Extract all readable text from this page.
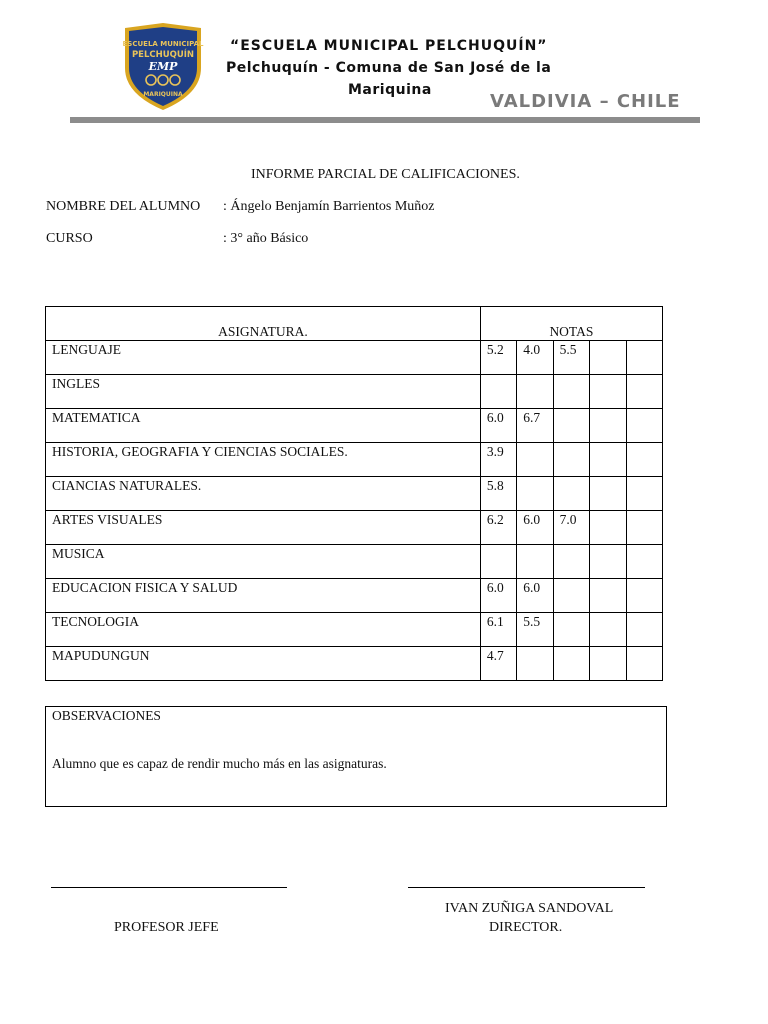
ESCUELA MUNICIPAL
PELCHUQUÍN
EMP
MARIQUINA
“ESCUELA MUNICIPAL PELCHUQUÍN”
Pelchuquín - Comuna de San José de la
Mariquina
VALDIVIA – CHILE
INFORME PARCIAL DE CALIFICACIONES.
NOMBRE DEL ALUMNO : Ángelo Benjamín Barrientos Muñoz
CURSO	: 3° año Básico
ASIGNATURA.	NOTAS				
LENGUAJE	5.2	4.0	5.5		
INGLES					
MATEMATICA	6.0	6.7			
HISTORIA, GEOGRAFIA Y CIENCIAS SOCIALES.	3.9				
CIANCIAS NATURALES.	5.8				
ARTES VISUALES	6.2	6.0	7.0		
MUSICA					
EDUCACION FISICA Y SALUD	6.0	6.0			
TECNOLOGIA	6.1	5.5			
MAPUDUNGUN	4.7				
OBSERVACIONES
Alumno que es capaz de rendir mucho más en las asignaturas.
PROFESOR JEFE
IVAN ZUÑIGA SANDOVAL
DIRECTOR.
